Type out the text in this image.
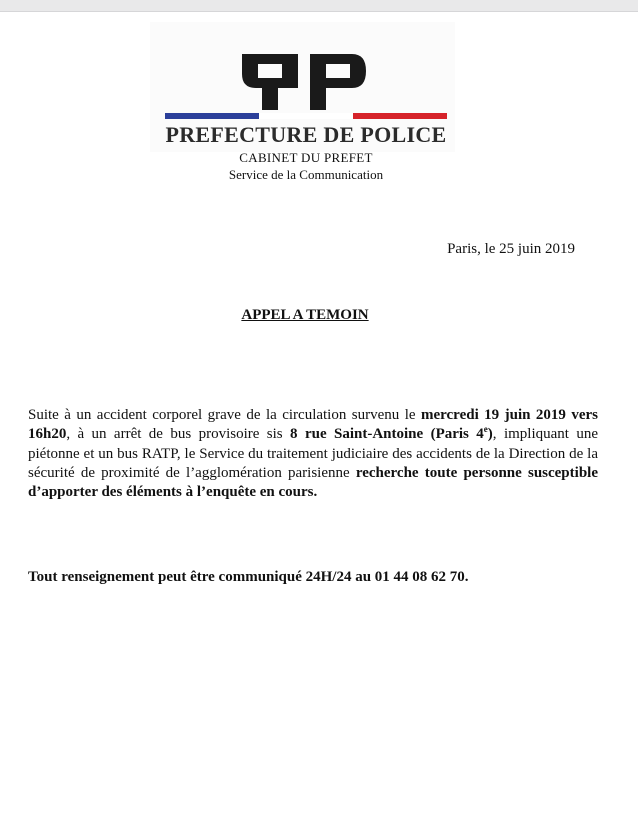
PREFECTURE DE POLICE
CABINET DU PREFET
Service de la Communication
Paris, le 25 juin 2019
APPEL A TEMOIN
Suite à un accident corporel grave de la circulation survenu le mercredi 19 juin 2019 vers 16h20, à un arrêt de bus provisoire sis 8 rue Saint-Antoine (Paris 4e), impliquant une piétonne et un bus RATP, le Service du traitement judiciaire des accidents de la Direction de la sécurité de proximité de l’agglomération parisienne recherche toute personne susceptible d’apporter des éléments à l’enquête en cours.
Tout renseignement peut être communiqué 24H/24 au 01 44 08 62 70.
